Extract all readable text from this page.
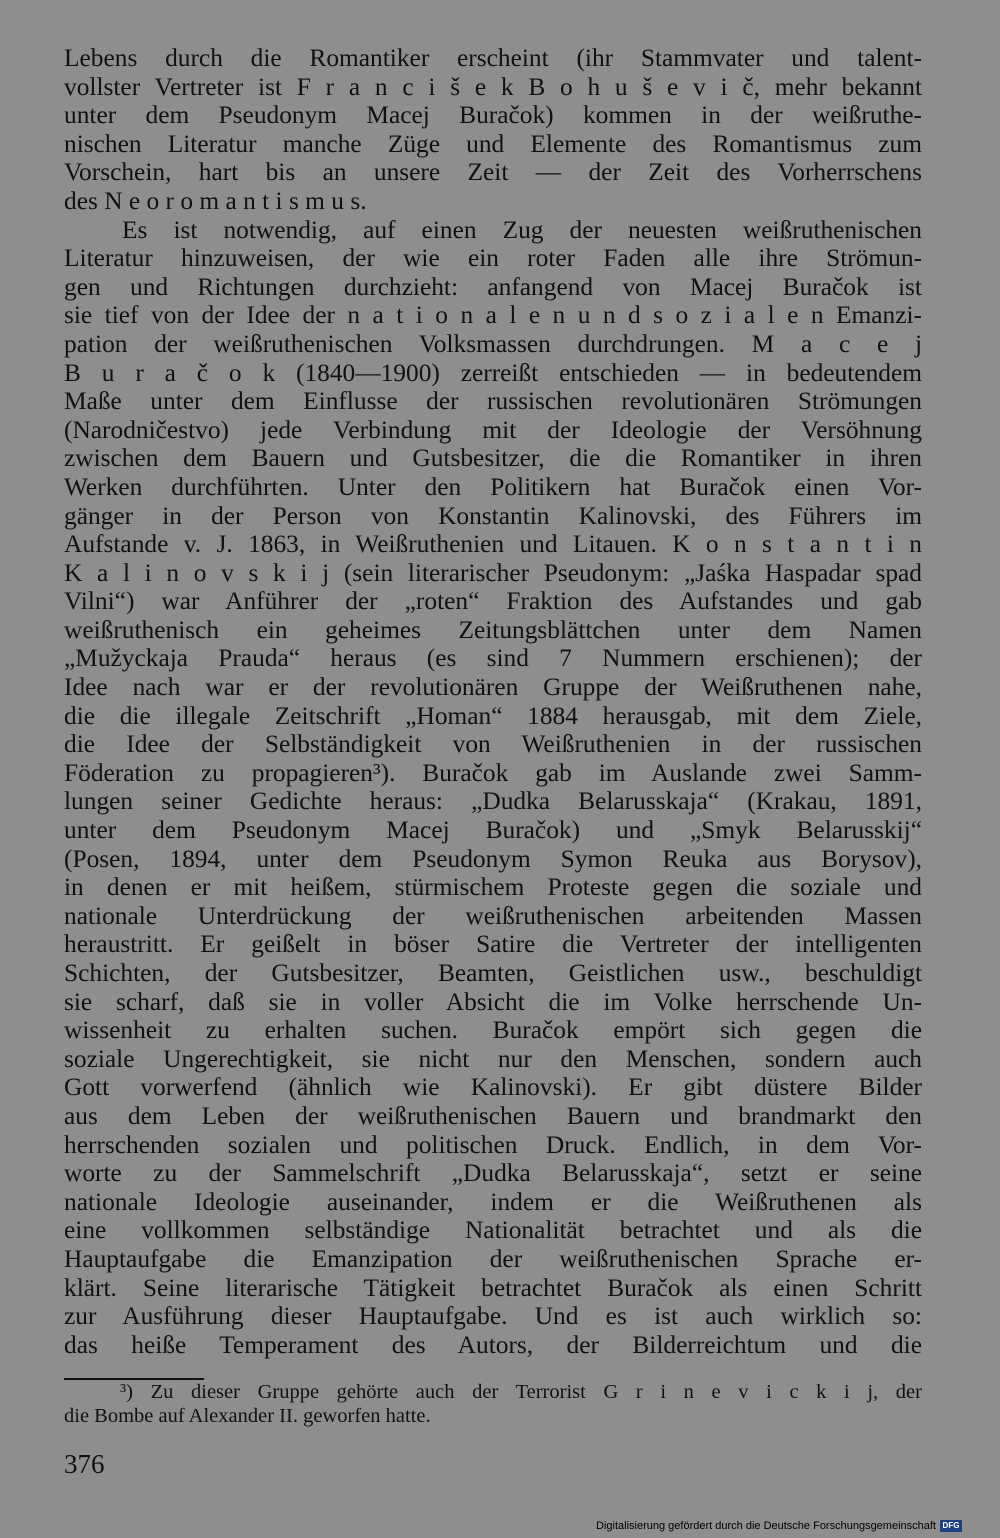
Lebens durch die Romantiker erscheint (ihr Stammvater und talent-
vollster Vertreter ist F r a n c i š e k B o h u š e v i č, mehr bekannt
unter dem Pseudonym Macej Buračok) kommen in der weißruthe-
nischen Literatur manche Züge und Elemente des Romantismus zum
Vorschein, hart bis an unsere Zeit — der Zeit des Vorherrschens
des N e o r o m a n t i s m u s.
Es ist notwendig, auf einen Zug der neuesten weißruthenischen
Literatur hinzuweisen, der wie ein roter Faden alle ihre Strömun-
gen und Richtungen durchzieht: anfangend von Macej Buračok ist
sie tief von der Idee der n a t i o n a l e n u n d s o z i a l e n Emanzi-
pation der weißruthenischen Volksmassen durchdrungen. M a c e j
B u r a č o k (1840—1900) zerreißt entschieden — in bedeutendem
Maße unter dem Einflusse der russischen revolutionären Strömungen
(Narodničestvo) jede Verbindung mit der Ideologie der Versöhnung
zwischen dem Bauern und Gutsbesitzer, die die Romantiker in ihren
Werken durchführten. Unter den Politikern hat Buračok einen Vor-
gänger in der Person von Konstantin Kalinovski, des Führers im
Aufstande v. J. 1863, in Weißruthenien und Litauen. K o n s t a n t i n
K a l i n o v s k i j (sein literarischer Pseudonym: „Jaśka Haspadar spad
Vilni“) war Anführer der „roten“ Fraktion des Aufstandes und gab
weißruthenisch ein geheimes Zeitungsblättchen unter dem Namen
„Mužyckaja Prauda“ heraus (es sind 7 Nummern erschienen); der
Idee nach war er der revolutionären Gruppe der Weißruthenen nahe,
die die illegale Zeitschrift „Homan“ 1884 herausgab, mit dem Ziele,
die Idee der Selbständigkeit von Weißruthenien in der russischen
Föderation zu propagieren³). Buračok gab im Auslande zwei Samm-
lungen seiner Gedichte heraus: „Dudka Belarusskaja“ (Krakau, 1891,
unter dem Pseudonym Macej Buračok) und „Smyk Belarusskij“
(Posen, 1894, unter dem Pseudonym Symon Reuka aus Borysov),
in denen er mit heißem, stürmischem Proteste gegen die soziale und
nationale Unterdrückung der weißruthenischen arbeitenden Massen
heraustritt. Er geißelt in böser Satire die Vertreter der intelligenten
Schichten, der Gutsbesitzer, Beamten, Geistlichen usw., beschuldigt
sie scharf, daß sie in voller Absicht die im Volke herrschende Un-
wissenheit zu erhalten suchen. Buračok empört sich gegen die
soziale Ungerechtigkeit, sie nicht nur den Menschen, sondern auch
Gott vorwerfend (ähnlich wie Kalinovski). Er gibt düstere Bilder
aus dem Leben der weißruthenischen Bauern und brandmarkt den
herrschenden sozialen und politischen Druck. Endlich, in dem Vor-
worte zu der Sammelschrift „Dudka Belarusskaja“, setzt er seine
nationale Ideologie auseinander, indem er die Weißruthenen als
eine vollkommen selbständige Nationalität betrachtet und als die
Hauptaufgabe die Emanzipation der weißruthenischen Sprache er-
klärt. Seine literarische Tätigkeit betrachtet Buračok als einen Schritt
zur Ausführung dieser Hauptaufgabe. Und es ist auch wirklich so:
das heiße Temperament des Autors, der Bilderreichtum und die
³) Zu dieser Gruppe gehörte auch der Terrorist G r i n e v i c k i j, der
die Bombe auf Alexander II. geworfen hatte.
376
Digitalisierung gefördert durch die Deutsche Forschungsgemeinschaft DFG
